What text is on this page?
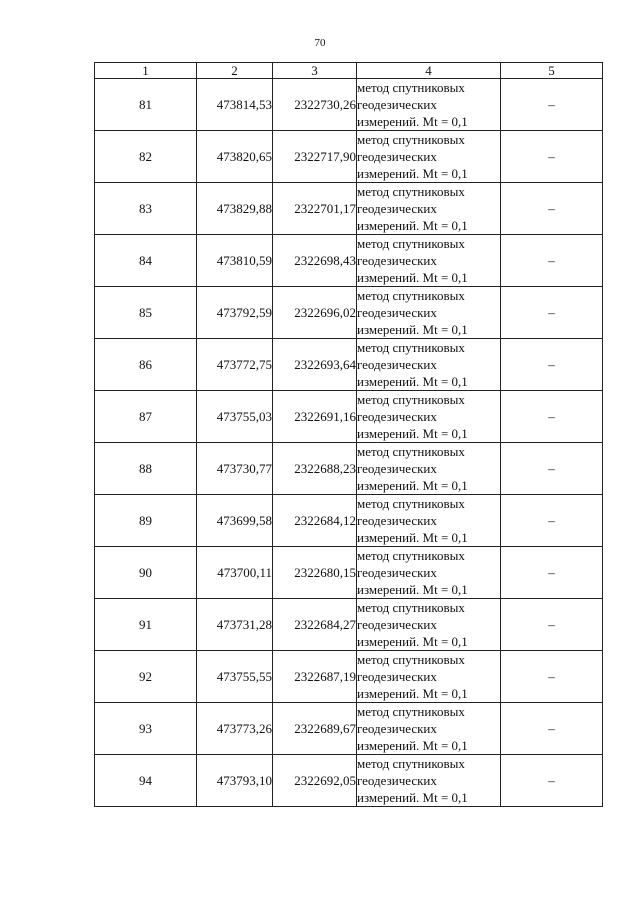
70
1	2	3	4	5
81	473814,53	2322730,26	метод спутниковых
геодезических
измерений. Mt = 0,1	–
82	473820,65	2322717,90	метод спутниковых
геодезических
измерений. Mt = 0,1	–
83	473829,88	2322701,17	метод спутниковых
геодезических
измерений. Mt = 0,1	–
84	473810,59	2322698,43	метод спутниковых
геодезических
измерений. Mt = 0,1	–
85	473792,59	2322696,02	метод спутниковых
геодезических
измерений. Mt = 0,1	–
86	473772,75	2322693,64	метод спутниковых
геодезических
измерений. Mt = 0,1	–
87	473755,03	2322691,16	метод спутниковых
геодезических
измерений. Mt = 0,1	–
88	473730,77	2322688,23	метод спутниковых
геодезических
измерений. Mt = 0,1	–
89	473699,58	2322684,12	метод спутниковых
геодезических
измерений. Mt = 0,1	–
90	473700,11	2322680,15	метод спутниковых
геодезических
измерений. Mt = 0,1	–
91	473731,28	2322684,27	метод спутниковых
геодезических
измерений. Mt = 0,1	–
92	473755,55	2322687,19	метод спутниковых
геодезических
измерений. Mt = 0,1	–
93	473773,26	2322689,67	метод спутниковых
геодезических
измерений. Mt = 0,1	–
94	473793,10	2322692,05	метод спутниковых
геодезических
измерений. Mt = 0,1	–
